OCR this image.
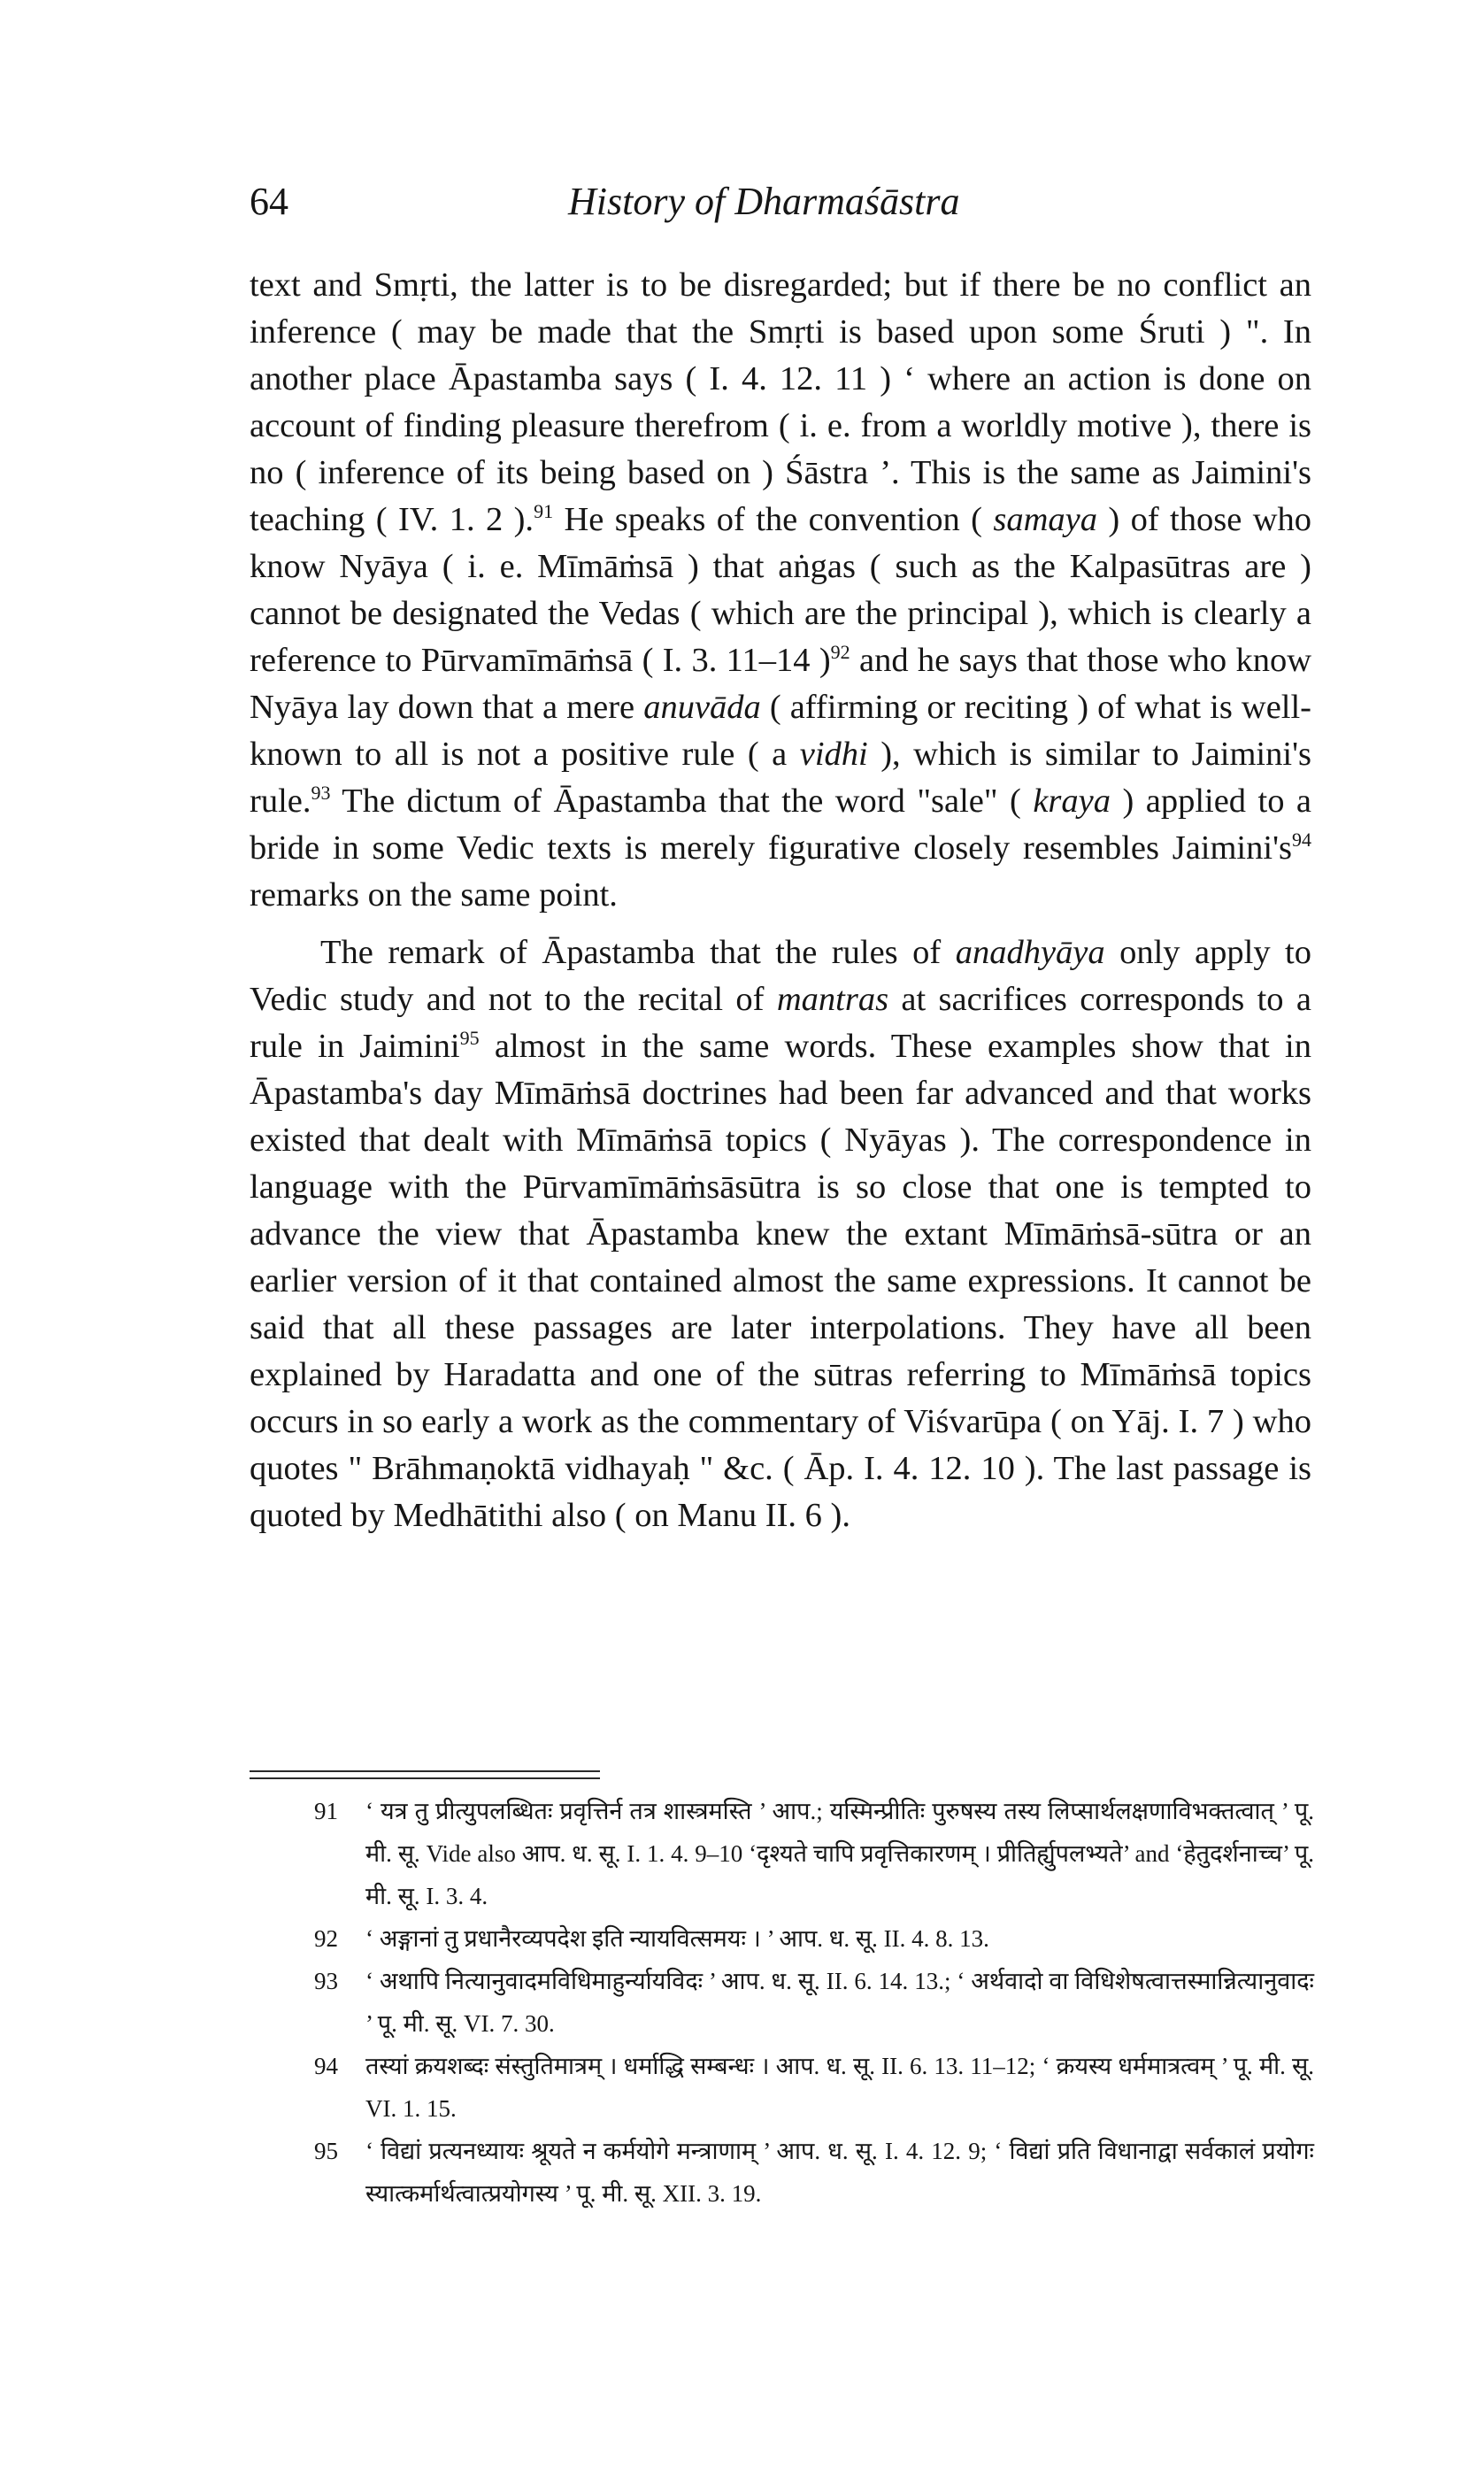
64	History of Dharmaśāstra

text and Smṛti, the latter is to be disregarded; but if there be no conflict an inference ( may be made that the Smṛti is based upon some Śruti ) ". In another place Āpastamba says ( I. 4. 12. 11 ) ‘ where an action is done on account of finding pleasure therefrom ( i. e. from a worldly motive ), there is no ( inference of its being based on ) Śāstra ’. This is the same as Jaimini's teaching ( IV. 1. 2 ).$^{91}$ He speaks of the convention ( samaya ) of those who know Nyāya ( i. e. Mīmāṁsā ) that aṅgas ( such as the Kalpasūtras are ) cannot be designated the Vedas ( which are the principal ), which is clearly a reference to Pūrvamīmāṁsā ( I. 3. 11–14 )$^{92}$ and he says that those who know Nyāya lay down that a mere anuvāda ( affirming or reciting ) of what is well-known to all is not a positive rule ( a vidhi ), which is similar to Jaimini's rule.$^{93}$ The dictum of Āpastamba that the word "sale" ( kraya ) applied to a bride in some Vedic texts is merely figurative closely resembles $Jaimini's^{94}$ remarks on the same point.

The remark of Āpastamba that the rules of anadhyāya only apply to Vedic study and not to the recital of mantras at sacrifices corresponds to a rule in Jaimini$^{95}$ almost in the same words. These examples show that in Āpastamba's day Mīmāṁsā doctrines had been far advanced and that works existed that dealt with Mīmāṁsā topics ( Nyāyas ). The correspondence in language with the Pūrvamīmāṁsāsūtra is so close that one is tempted to advance the view that Āpastamba knew the extant Mīmāṁsā-sūtra or an earlier version of it that contained almost the same expressions. It cannot be said that all these passages are later interpolations. They have all been explained by Haradatta and one of the sūtras referring to Mīmāṁsā topics occurs in so early a work as the commentary of Viśvarūpa ( on Yāj. I. 7 ) who quotes " Brāhmaṇoktā vidhayaḥ " &c. ( Āp. I. 4. 12. 10 ). The last passage is quoted by Medhātithi also ( on Manu II. 6 ).

91 ‘ यत्र तु प्रीत्युपलब्धितः प्रवृत्तिर्न तत्र शास्त्रमस्ति ’ आप.; यस्मिन्प्रीतिः पुरुषस्य तस्य लिप्सार्थलक्षणाविभक्तत्वात् ’ पू. मी. सू. Vide also आप. ध. सू. I. 1. 4. 9–10 ‘दृश्यते चापि प्रवृत्तिकारणम् । प्रीतिर्ह्युपलभ्यते’ and ‘हेतुदर्शनाच्च’ पू. मी. सू. I. 3. 4.

92 ‘ अङ्गानां तु प्रधानैरव्यपदेश इति न्यायवित्समयः । ’ आप. ध. सू. II. 4. 8. 13.

93 ‘ अथापि नित्यानुवादमविधिमाहुर्न्यायविदः ’ आप. ध. सू. II. 6. 14. 13.; ‘ अर्थवादो वा विधिशेषत्वात्तस्मान्नित्यानुवादः ’ पू. मी. सू. VI. 7. 30.

94 तस्यां क्रयशब्दः संस्तुतिमात्रम् । धर्माद्धि सम्बन्धः । आप. ध. सू. II. 6. 13. 11–12; ‘ क्रयस्य धर्ममात्रत्वम् ’ पू. मी. सू. VI. 1. 15.

95 ‘ विद्यां प्रत्यनध्यायः श्रूयते न कर्मयोगे मन्त्राणाम् ’ आप. ध. सू. I. 4. 12. 9; ‘ विद्यां प्रति विधानाद्वा सर्वकालं प्रयोगः स्यात्कर्मार्थत्वात्प्रयोगस्य ’ पू. मी. सू. XII. 3. 19.
